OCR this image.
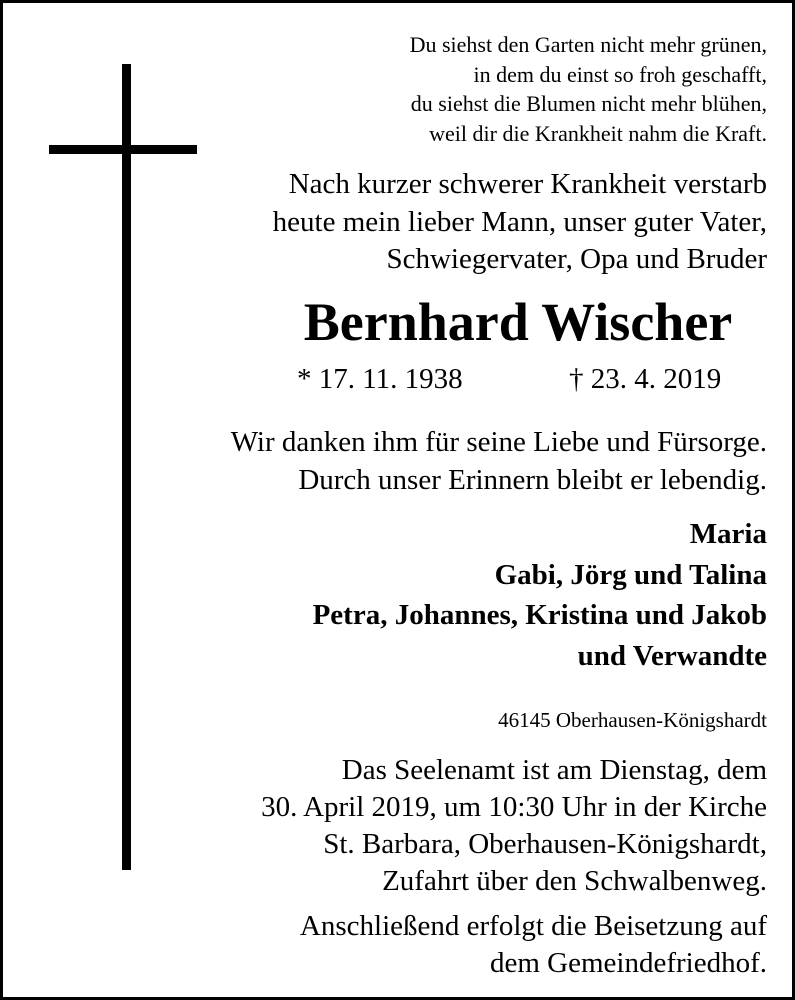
Du siehst den Garten nicht mehr grünen,
in dem du einst so froh geschafft,
du siehst die Blumen nicht mehr blühen,
weil dir die Krankheit nahm die Kraft.
Nach kurzer schwerer Krankheit verstarb
heute mein lieber Mann, unser guter Vater,
Schwiegervater, Opa und Bruder
Bernhard Wischer
* 17. 11. 1938	† 23. 4. 2019
Wir danken ihm für seine Liebe und Fürsorge.
Durch unser Erinnern bleibt er lebendig.
Maria
Gabi, Jörg und Talina
Petra, Johannes, Kristina und Jakob
und Verwandte
46145 Oberhausen-Königshardt
Das Seelenamt ist am Dienstag, dem
30. April 2019, um 10:30 Uhr in der Kirche
St. Barbara, Oberhausen-Königshardt,
Zufahrt über den Schwalbenweg.
Anschließend erfolgt die Beisetzung auf
dem Gemeindefriedhof.
